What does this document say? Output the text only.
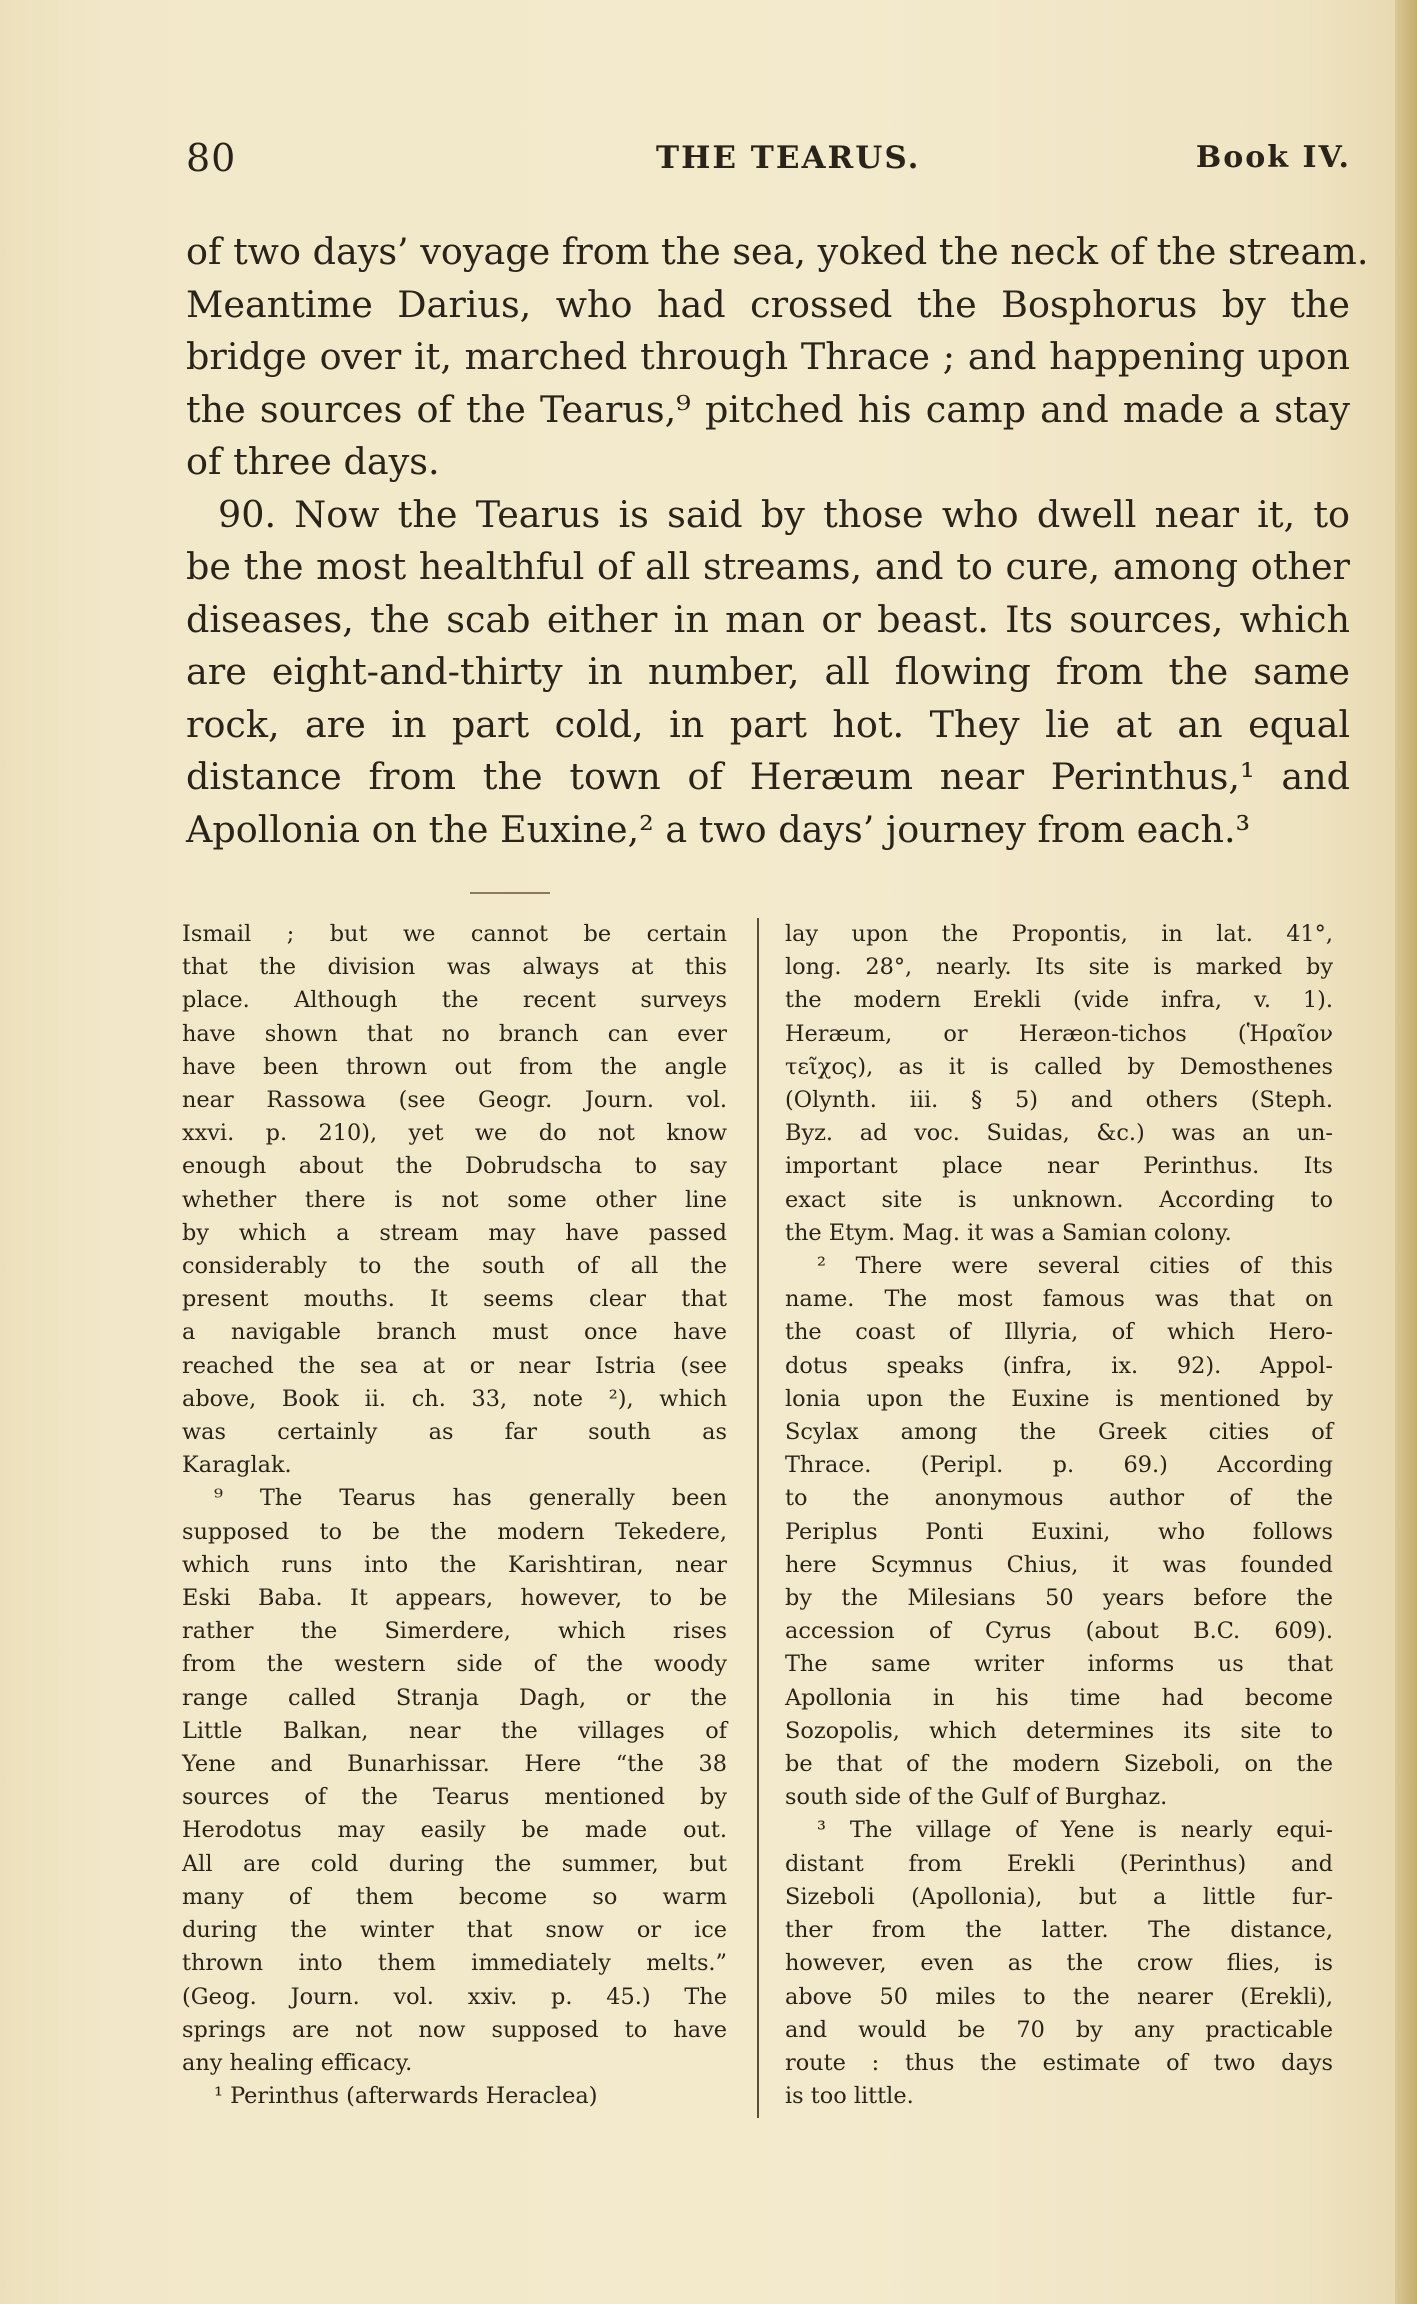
80	THE TEARUS.	Book IV.
of two days’ voyage from the sea, yoked the neck of the stream.
Meantime Darius, who had crossed the Bosphorus by the
bridge over it, marched through Thrace ; and happening upon
the sources of the Tearus,⁹ pitched his camp and made a stay
of three days.
90. Now the Tearus is said by those who dwell near it, to
be the most healthful of all streams, and to cure, among other
diseases, the scab either in man or beast. Its sources, which
are eight-and-thirty in number, all flowing from the same
rock, are in part cold, in part hot. They lie at an equal
distance from the town of Heræum near Perinthus,¹ and
Apollonia on the Euxine,² a two days’ journey from each.³
Ismail ; but we cannot be certain
that the division was always at this
place. Although the recent surveys
have shown that no branch can ever
have been thrown out from the angle
near Rassowa (see Geogr. Journ. vol.
xxvi. p. 210), yet we do not know
enough about the Dobrudscha to say
whether there is not some other line
by which a stream may have passed
considerably to the south of all the
present mouths. It seems clear that
a navigable branch must once have
reached the sea at or near Istria (see
above, Book ii. ch. 33, note ²), which
was certainly as far south as
Karaglak.
⁹ The Tearus has generally been
supposed to be the modern Tekedere,
which runs into the Karishtiran, near
Eski Baba. It appears, however, to be
rather the Simerdere, which rises
from the western side of the woody
range called Stranja Dagh, or the
Little Balkan, near the villages of
Yene and Bunarhissar. Here “the 38
sources of the Tearus mentioned by
Herodotus may easily be made out.
All are cold during the summer, but
many of them become so warm
during the winter that snow or ice
thrown into them immediately melts.”
(Geog. Journ. vol. xxiv. p. 45.) The
springs are not now supposed to have
any healing efficacy.
¹ Perinthus (afterwards Heraclea)
lay upon the Propontis, in lat. 41°,
long. 28°, nearly. Its site is marked by
the modern Erekli (vide infra, v. 1).
Heræum, or Heræon-tichos (Ἡραῖον
τεῖχος), as it is called by Demosthenes
(Olynth. iii. § 5) and others (Steph.
Byz. ad voc. Suidas, &c.) was an un-
important place near Perinthus. Its
exact site is unknown. According to
the Etym. Mag. it was a Samian colony.
² There were several cities of this
name. The most famous was that on
the coast of Illyria, of which Hero-
dotus speaks (infra, ix. 92). Appol-
lonia upon the Euxine is mentioned by
Scylax among the Greek cities of
Thrace. (Peripl. p. 69.) According
to the anonymous author of the
Periplus Ponti Euxini, who follows
here Scymnus Chius, it was founded
by the Milesians 50 years before the
accession of Cyrus (about B.C. 609).
The same writer informs us that
Apollonia in his time had become
Sozopolis, which determines its site to
be that of the modern Sizeboli, on the
south side of the Gulf of Burghaz.
³ The village of Yene is nearly equi-
distant from Erekli (Perinthus) and
Sizeboli (Apollonia), but a little fur-
ther from the latter. The distance,
however, even as the crow flies, is
above 50 miles to the nearer (Erekli),
and would be 70 by any practicable
route : thus the estimate of two days
is too little.
